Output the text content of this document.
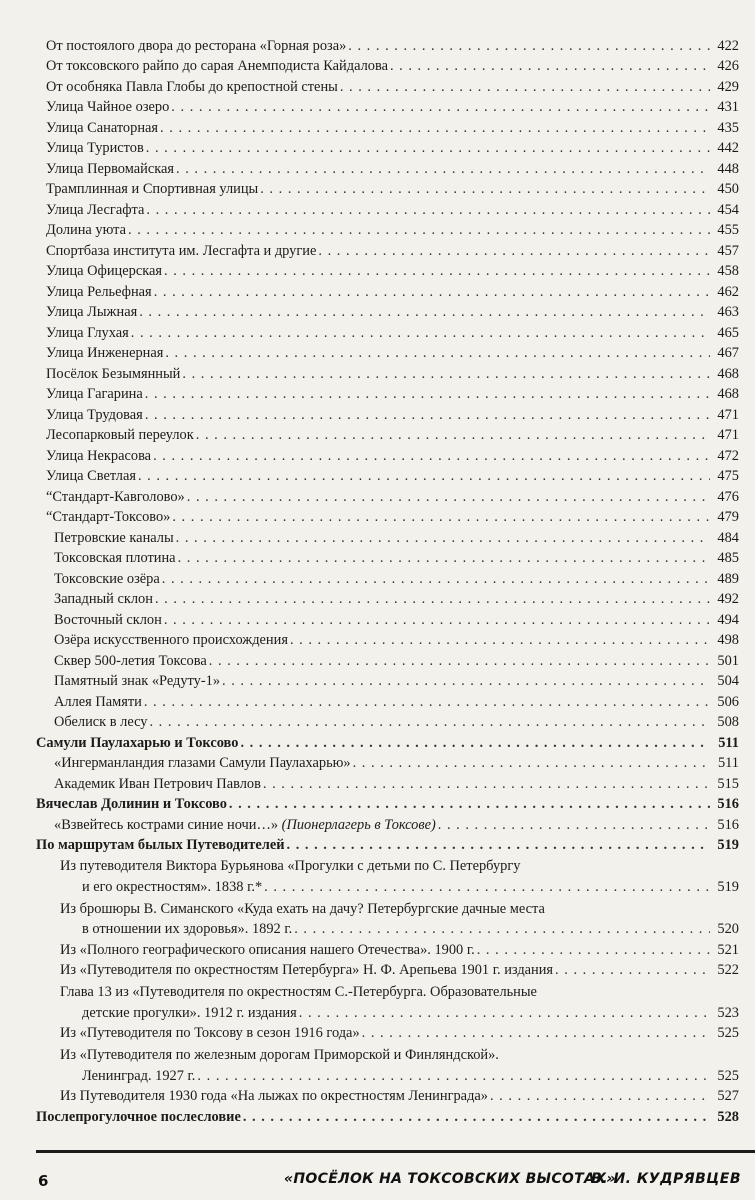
От постоялого двора до ресторана «Горная роза» . . .	422
От токсовского райпо до сарая Анемподиста Кайдалова . . .	426
От особняка Павла Глобы до крепостной стены . . .	429
Улица Чайное озеро . . .	431
Улица Санаторная . . .	435
Улица Туристов . . .	442
Улица Первомайская . . .	448
Трамплинная и Спортивная улицы . . .	450
Улица Лесгафта . . .	454
Долина уюта . . .	455
Спортбаза института им. Лесгафта и другие . . .	457
Улица Офицерская . . .	458
Улица Рельефная . . .	462
Улица Лыжная . . .	463
Улица Глухая . . .	465
Улица Инженерная . . .	467
Посёлок Безымянный . . .	468
Улица Гагарина . . .	468
Улица Трудовая . . .	471
Лесопарковый переулок . . .	471
Улица Некрасова . . .	472
Улица Светлая . . .	475
“Стандарт-Кавголово» . . .	476
“Стандарт-Токсово» . . .	479
Петровские каналы . . .	484
Токсовская плотина . . .	485
Токсовские озёра . . .	489
Западный склон . . .	492
Восточный склон . . .	494
Озёра искусственного происхождения . . .	498
Сквер 500-летия Токсова . . .	501
Памятный знак «Редуту-1» . . .	504
Аллея Памяти . . .	506
Обелиск в лесу . . .	508
Самули Паулахарью и Токсово . . .	511
«Ингерманландия глазами Самули Паулахарью» . . .	511
Академик Иван Петрович Павлов . . .	515
Вячеслав Долинин и Токсово . . .	516
«Взвейтесь кострами синие ночи…»
(Пионерлагерь в Токсове) . . .	516
По маршрутам былых Путеводителей . . .	519
Из путеводителя Виктора Бурьянова «Прогулки с детьми по С. Петербургу
и его окрестностям». 1838 г.* . . .	519
Из брошюры В. Симанского «Куда ехать на дачу? Петербургские дачные места
в отношении их здоровья». 1892 г. . . .	520
Из «Полного географического описания нашего Отечества». 1900 г. . . .	521
Из «Путеводителя по окрестностям Петербурга» Н. Ф. Арепьева 1901 г. издания . . .	522
Глава 13 из «Путеводителя по окрестностям С.-Петербурга. Образовательные
детские прогулки». 1912 г. издания . . .	523
Из «Путеводителя по Токсову в сезон 1916 года» . . .	525
Из «Путеводителя по железным дорогам Приморской и Финляндской».
Ленинград. 1927 г. . . .	525
Из Путеводителя 1930 года «На лыжах по окрестностям Ленинграда» . . .	527
Послепрогулочное послесловие . . .	528
6	«ПОСЁЛОК НА ТОКСОВСКИХ ВЫСОТАХ»
В. И. КУДРЯВЦЕВ
